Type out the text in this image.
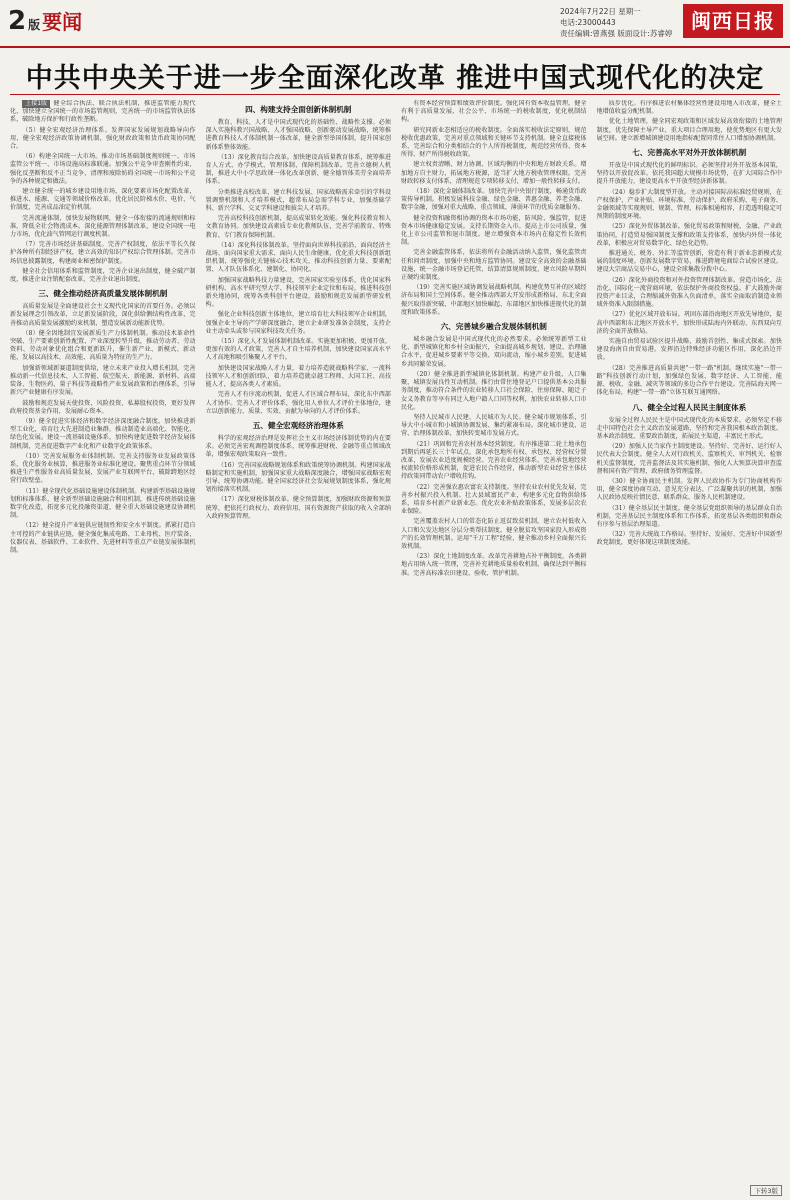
2 版 要闻	2024年7月22日 星期一
电话:23000443
责任编辑:曾燕强 版面设计:苏睿婷
闽西日报
中共中央关于进一步全面深化改革 推进中国式现代化的决定

上接1版 健全综合执法、联合执法机制，推进监管能力现代化，加快建立全国统一的市场监管规则，完善统一的市场监管执法体系，破除地方保护和行政性垄断。

（5）健全宏观经济治理体系。发挥国家发展规划战略导向作用，健全宏观经济政策协调机制，强化财政政策和货币政策协同配合。

（6）构建全国统一大市场。推动市场基础制度规则统一、市场监管公平统一、市场设施高标准联通。加强公平竞争审查刚性约束，强化反垄断和反不正当竞争，清理和废除妨碍全国统一市场和公平竞争的各种规定和做法。

建立健全统一的城乡建设用地市场，深化要素市场化配置改革，推进水、能源、交通等领域价格改革，优化居民阶梯水价、电价、气价制度，完善成品油定价机制。

完善流通体制，加快发展物联网，健全一体衔接的流通规则和标准，降低全社会物流成本。深化能源管理体制改革，建设全国统一电力市场，优化油气管网运行调度机制。

（7）完善市场经济基础制度。完善产权制度，依法平等长久保护各种所有制经济产权，建立高效的知识产权综合管理体制。完善市场信息披露制度，构建商业秘密保护制度。

健全社会信用体系和监管制度，完善企业退出制度，健全破产制度，推进企业注销配套改革，完善企业退出制度。

三、健全推动经济高质量发展体制机制

高质量发展是全面建设社会主义现代化国家的首要任务。必须以新发展理念引领改革，立足新发展阶段，深化供给侧结构性改革，完善推动高质量发展激励约束机制，塑造发展新动能新优势。

（8）健全因地制宜发展新质生产力体制机制。推动技术革命性突破、生产要素创新性配置、产业深度转型升级，推动劳动者、劳动资料、劳动对象优化组合和更新跃升，催生新产业、新模式、新动能，发展以高技术、高效能、高质量为特征的生产力。

加强新领域新赛道制度供给，建立未来产业投入增长机制，完善推动新一代信息技术、人工智能、航空航天、新能源、新材料、高端装备、生物医药、量子科技等战略性产业发展政策和治理体系，引导新兴产业健康有序发展。

鼓励和规范发展天使投资、风险投资、私募股权投资，更好发挥政府投资基金作用，发展耐心资本。

（9）健全促进实体经济和数字经济深度融合制度。加快推进新型工业化，培育壮大先进制造业集群，推动制造业高端化、智能化、绿色化发展。建设一流基础设施体系，加快构建促进数字经济发展体制机制，完善促进数字产业化和产业数字化政策体系。

（10）完善发展服务业体制机制。完善支持服务业发展政策体系，优化服务业核算，推进服务业标准化建设。聚焦重点环节分领域推进生产性服务业高质量发展，发展产业互联网平台，破除跨地区经营行政壁垒。

（11）健全现代化基础设施建设体制机制。构建新型基础设施规划和标准体系，健全新型基础设施融合利用机制，推进传统基础设施数字化改造，拓宽多元化投融资渠道，健全重大基础设施建设协调机制。

（12）健全提升产业链供应链韧性和安全水平制度。抓紧打造自主可控的产业链供应链，健全强化集成电路、工业母机、医疗装备、仪器仪表、基础软件、工业软件、先进材料等重点产业链发展体制机制。

四、构建支持全面创新体制机制

教育、科技、人才是中国式现代化的基础性、战略性支撑。必须深入实施科教兴国战略、人才强国战略、创新驱动发展战略，统筹推进教育科技人才体制机制一体改革，健全新型举国体制，提升国家创新体系整体效能。

（13）深化教育综合改革。加快建设高质量教育体系，统筹推进育人方式、办学模式、管理体制、保障机制改革。完善立德树人机制，推进大中小学思政课一体化改革创新，健全德智体美劳全面培养体系。

分类推进高校改革，建立科技发展、国家战略需求牵引的学科设置调整机制和人才培养模式，超常布局急需学科专业，加强基础学科、新兴学科、交叉学科建设和拔尖人才培养。

完善高校科技创新机制，提高成果转化效能。强化科技教育和人文教育协同。加快建设高素质专业化教师队伍，完善学前教育、特殊教育、专门教育保障机制。

（14）深化科技体制改革。坚持面向世界科技前沿、面向经济主战场、面向国家重大需求、面向人民生命健康，优化重大科技创新组织机制，统筹强化关键核心技术攻关，推动科技创新力量、要素配置、人才队伍体系化、建制化、协同化。

加强国家战略科技力量建设，完善国家实验室体系，优化国家科研机构、高水平研究型大学、科技领军企业定位和布局，推进科技创新央地协同，统筹各类科创平台建设，鼓励和规范发展新型研发机构。

强化企业科技创新主体地位，建立培育壮大科技领军企业机制，加强企业主导的产学研深度融合，建立企业研发准备金制度，支持企业主动牵头或参与国家科技攻关任务。

（15）深化人才发展体制机制改革。实施更加积极、更加开放、更加有效的人才政策，完善人才自主培养机制，加快建设国家高水平人才高地和吸引集聚人才平台。

加快建设国家战略人才力量，着力培养造就战略科学家、一流科技领军人才和创新团队，着力培养造就卓越工程师、大国工匠、高技能人才，提高各类人才素质。

完善人才有序流动机制，促进人才区域合理布局，深化东中西部人才协作。完善人才评价体系，强化用人单位人才评价主体地位，建立以创新能力、质量、实效、贡献为导向的人才评价体系。

五、健全宏观经济治理体系

科学的宏观经济治理是发挥社会主义市场经济体制优势的内在要求。必须完善宏观调控制度体系，统筹推进财税、金融等重点领域改革，增强宏观政策取向一致性。

（16）完善国家战略规划体系和政策统筹协调机制。构建国家战略制定和实施机制，加强国家重大战略深度融合，增强国家战略宏观引导、统筹协调功能。健全国家经济社会发展规划制度体系，强化规划衔接落实机制。

（17）深化财税体制改革。健全预算制度，加强财政资源和预算统筹，把依托行政权力、政府信用、国有资源资产获取的收入全部纳入政府预算管理。

有资本经营预算和绩效评价制度。强化国有资本收益管理，健全有利于高质量发展、社会公平、市场统一的税收制度，优化税制结构。

研究同新业态相适应的税收制度。全面落实税收法定原则，规范税收优惠政策，完善对重点领域和关键环节支持机制。健全直接税体系，完善综合和分类相结合的个人所得税制度，规范经营所得、资本所得、财产所得税收政策。

建立权责清晰、财力协调、区域均衡的中央和地方财政关系。增加地方自主财力，拓展地方税源，适当扩大地方税收管理权限。完善财政转移支付体系，清理规范专项转移支付，增加一般性转移支付。

（18）深化金融体制改革。加快完善中央银行制度，畅通货币政策传导机制。积极发展科技金融、绿色金融、普惠金融、养老金融、数字金融，加强对重大战略、重点领域、薄弱环节的优质金融服务。

健全投资和融资相协调的资本市场功能，防风险、强监管，促进资本市场健康稳定发展。支持长期资金入市。提高上市公司质量，强化上市公司监管和退市制度。建立增强资本市场内在稳定性长效机制。

完善金融监管体系，依法将所有金融活动纳入监管，强化监管责任和问责制度，加强中央和地方监管协同。建设安全高效的金融基础设施，统一金融市场登记托管、结算清算规则制度，建立风险早期纠正硬约束制度。

（19）完善实施区域协调发展战略机制。构建优势互补的区域经济布局和国土空间体系。健全推动西部大开发形成新格局、东北全面振兴取得新突破、中部地区加快崛起、东部地区加快推进现代化的制度和政策体系。

六、完善城乡融合发展体制机制

城乡融合发展是中国式现代化的必然要求。必须统筹新型工业化、新型城镇化和乡村全面振兴，全面提高城乡规划、建设、治理融合水平，促进城乡要素平等交换、双向流动，缩小城乡差别，促进城乡共同繁荣发展。

（20）健全推进新型城镇化体制机制。构建产业升级、人口集聚、城镇发展良性互动机制。推行由常住地登记户口提供基本公共服务制度，推动符合条件的农业转移人口社会保险、住房保障、随迁子女义务教育等享有同迁入地户籍人口同等权利，加快农业转移人口市民化。

坚持人民城市人民建、人民城市为人民。健全城市规划体系，引导大中小城市和小城镇协调发展、集约紧凑布局。深化城市建设、运营、治理体制改革，加快转变城市发展方式。

（21）巩固和完善农村基本经营制度。有序推进第二轮土地承包到期后再延长三十年试点，深化承包地所有权、承包权、经营权分置改革，发展农业适度规模经营。完善农业经营体系，完善承包地经营权流转价格形成机制，促进农民合作经营，推动新型农业经营主体扶持政策同带动农户增收挂钩。

（22）完善强农惠农富农支持制度。坚持农业农村优先发展，完善乡村振兴投入机制。壮大县域富民产业，构建多元化食物供给体系，培育乡村新产业新业态。优化农业补贴政策体系，发展多层次农业保险。

完善覆盖农村人口的常态化防止返贫致贫机制，建立农村低收入人口和欠发达地区分层分类帮扶制度。健全脱贫攻坚国家投入形成资产的长效管理机制。运用"千万工程"经验，健全推动乡村全面振兴长效机制。

（23）深化土地制度改革。改革完善耕地占补平衡制度，各类耕地占用纳入统一管理，完善补充耕地质量验收机制，确保达到平衡标准。完善高标准农田建设、验收、管护机制。

质步优化。有序推进农村集体经营性建设用地入市改革，健全土地增值收益分配机制。

优化土地管理，健全同宏观政策和区域发展高效衔接的土地管理制度，优先保障主导产业、重大项目合理用地，使优势地区有更大发展空间。建立新增城镇建设用地指标配置同常住人口增加协调机制。

七、完善高水平对外开放体制机制

开放是中国式现代化的鲜明标识。必须坚持对外开放基本国策，坚持以开放促改革，依托我国超大规模市场优势，在扩大国际合作中提升开放能力，建设更高水平开放型经济新体制。

（24）稳步扩大制度型开放。主动对接国际高标准经贸规则，在产权保护、产业补贴、环境标准、劳动保护、政府采购、电子商务、金融领域等实现规则、规制、管理、标准相通相容，打造透明稳定可预期的制度环境。

（25）深化外贸体制改革。强化贸易政策和财税、金融、产业政策协同，打造贸易强国制度支撑和政策支持体系，加快内外贸一体化改革，积极应对贸易数字化、绿色化趋势。

推进通关、税务、外汇等监管创新，营造有利于新业态新模式发展的制度环境。创新发展数字贸易，推进跨境电商综合试验区建设。建设大宗商品交易中心，建设全球集散分拨中心。

（26）深化外商投资和对外投资管理体制改革。营造市场化、法治化、国际化一流营商环境，依法保护外商投资权益。扩大鼓励外商投资产业目录，合理缩减外资准入负面清单，落实全面取消制造业领域外资准入限制措施。

（27）优化区域开放布局。巩固东部沿海地区开放先导地位，提高中西部和东北地区开放水平，加快形成陆海内外联动、东西双向互济的全面开放格局。

实施自由贸易试验区提升战略，鼓励首创性、集成式探索。加快建设海南自由贸易港。发挥沿边特殊经济功能区作用，深化沿边开放。

（28）完善推进高质量共建"一带一路"机制。继续实施"一带一路"科技创新行动计划，加强绿色发展、数字经济、人工智能、能源、税收、金融、减灾等领域的多边合作平台建设。完善陆海天网一体化布局，构建"一带一路"立体互联互通网络。

八、健全全过程人民民主制度体系

发展全过程人民民主是中国式现代化的本质要求。必须坚定不移走中国特色社会主义政治发展道路，坚持和完善我国根本政治制度、基本政治制度、重要政治制度，拓展民主渠道，丰富民主形式。

（29）加强人民当家作主制度建设。坚持好、完善好、运行好人民代表大会制度。健全人大对行政机关、监察机关、审判机关、检察机关监督制度，完善监督法及其实施机制，强化人大预算决算审查监督和国有资产管理、政府债务管理监督。

（30）健全协商民主机制。发挥人民政协作为专门协商机构作用，健全深度协商互动、意见充分表达、广泛凝聚共识的机制，加强人民政协反映社情民意、联系群众、服务人民机制建设。

（31）健全基层民主制度。健全基层党组织领导的基层群众自治机制，完善基层民主制度体系和工作体系，拓宽基层各类组织和群众有序参与基层治理渠道。

（32）完善大统战工作格局。坚持好、发展好、完善好中国新型政党制度，更好体现这项制度效能。

下转3版
